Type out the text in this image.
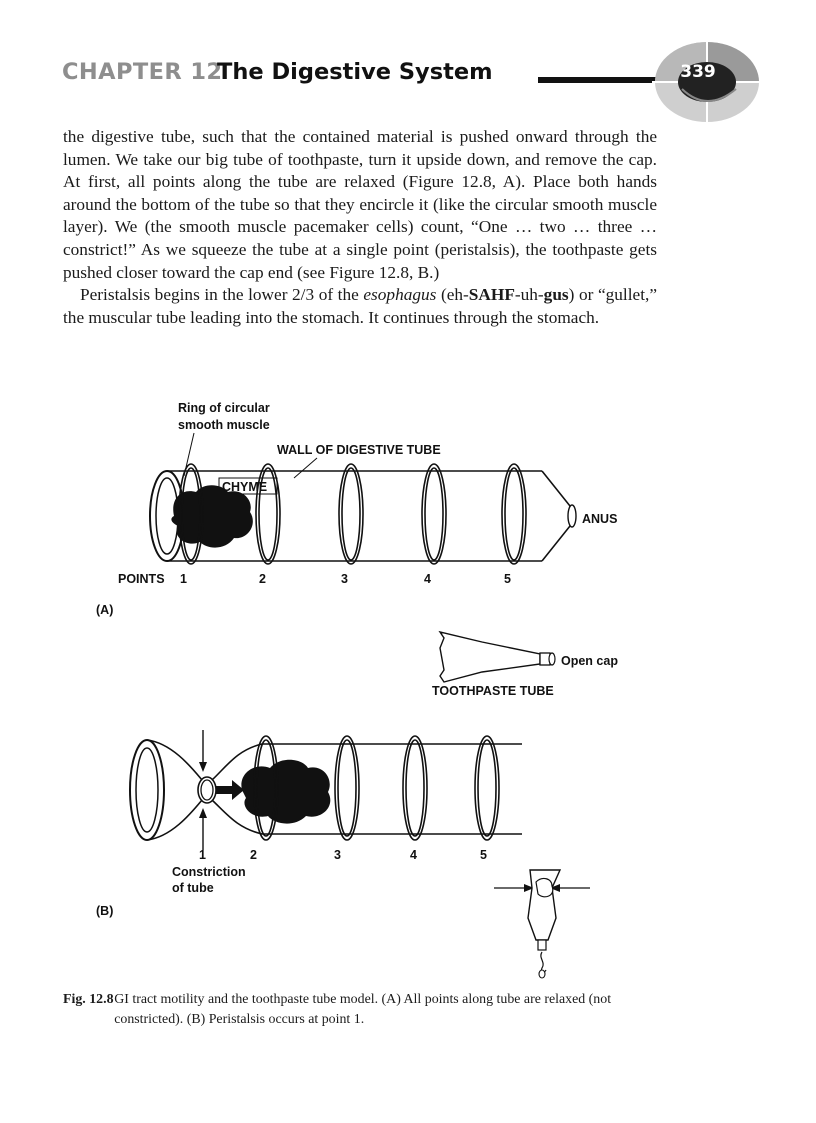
CHAPTER 12
The Digestive System	339

the digestive tube, such that the contained material is pushed onward through the lumen. We take our big tube of toothpaste, turn it upside down, and remove the cap. At first, all points along the tube are relaxed (Figure 12.8, A). Place both hands around the bottom of the tube so that they encircle it (like the circular smooth muscle layer). We (the smooth muscle pacemaker cells) count, “One … two … three … constrict!” As we squeeze the tube at a single point (peristalsis), the toothpaste gets pushed closer toward the cap end (see Figure 12.8, B.)

Peristalsis begins in the lower 2/3 of the esophagus (eh-SAHF-uh-gus) or “gullet,” the muscular tube leading into the stomach. It continues through the stomach.

Ring of circular
smooth muscle
WALL OF DIGESTIVE TUBE
ANUS
CHYME
POINTS 1	2	3	4	5
(A)
Open cap
TOOTHPASTE TUBE
1	2	3	4	5
Constriction
of tube
(B)
Fig. 12.8 GI tract motility and the toothpaste tube model. (A) All points along tube are relaxed (not constricted). (B) Peristalsis occurs at point 1.
